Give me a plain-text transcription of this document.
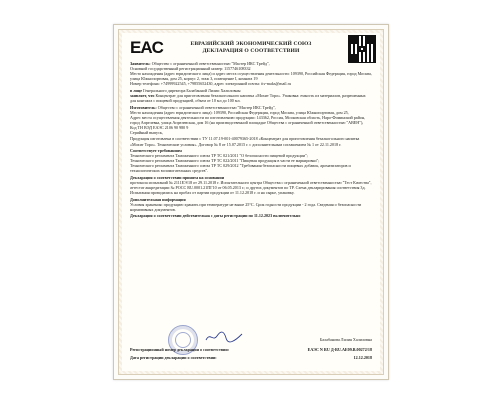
EAC	ЕВРАЗИЙСКИЙ ЭКОНОМИЧЕСКИЙ СОЮЗ
ДЕКЛАРАЦИЯ О СООТВЕТСТВИИ

Заявитель: Общество с ограниченной ответственностью "Мастер ИКС Трейд",
Основной государственный регистрационный номер: 1157746108332
Место нахождения (адрес юридического лица) и адрес места осуществления деятельности: 109390, Российская Федерация, город Москва, улица Южнопортовая, дом 25, корпус 2, этаж 3, помещение I, комната 19
Номер телефона: +74999922545, +79855652430, адрес электронной почты: ttv-maks@mail.ru

в лице Генерального директора Балабанной Лилии Халиловны
заявляет, что Концентрат для приготовления безалкогольного напитка «Мохит Торо». Упаковка: емкость из материалов, разрешенных для контакта с пищевой продукцией, объем от 10 мл до 100 мл.

Изготовитель: Общество с ограниченной ответственностью "Мастер ИКС Трейд",
Место нахождения (адрес юридического лица): 109390, Российская Федерация, город Москва, улица Южнопортовая, дом 25,
Адрес места осуществления деятельности по изготовлению продукции: 143362, Россия, Московская область, Наро-Фоминский район, город Апрелевка, улица Апрелевская, дом 16 (на производственной площадке Общества с ограниченной ответственностью "АВЕН"),
Код ТН ВЭД ЕАЭС 2106 90 980 9
Серийный выпуск,

Продукция изготовлена в соответствии с ТУ 11.07.19-001-40079365-2018 «Концентрат для приготовления безалкогольного напитка «Мохит Торо». Технические условия». Договор № 8 от 15.07.2015 г. с дополнительным соглашением № 1 от 22.11.2018 г.

Соответствует требованиям
Технического регламента Таможенного союза ТР ТС 021/2011 "О безопасности пищевой продукции";
Технического регламента Таможенного союза ТР ТС 022/2011 "Пищевая продукция в части ее маркировки";
Технического регламента Таможенного союза ТР ТС 029/2012 "Требования безопасности пищевых добавок, ароматизаторов и технологических вспомогательных средств".

Декларация о соответствии принята на основании
протокола испытаний № 2111ЕЭ/18 от 29.11.2018 г. Испытательного центра Общества с ограниченной ответственностью "Тест Качества", аттестат аккредитации № РОСС RU.0001.21ПГ10 от 06.05.2013 г.; и других документов по ТР. Схема декларирования соответствия 3д.
Испытания проводились на пробах от партии продукции от 11.12.2018 г. и на сырье, упаковку.

Дополнительная информация
Условия хранения: продукцию хранить при температуре не выше 25°С. Срок годности продукции - 2 года. Сведения о безопасности нормативных документов.

Декларация о соответствии действительна с даты регистрации по 11.12.2023 включительно

Балабанова Лилия Халиловна
Регистрационный номер декларации о соответствии:	ЕАЭС N RU Д-RU.АЕ09.В.00272/18
Дата регистрации декларации о соответствии:	12.12.2018
